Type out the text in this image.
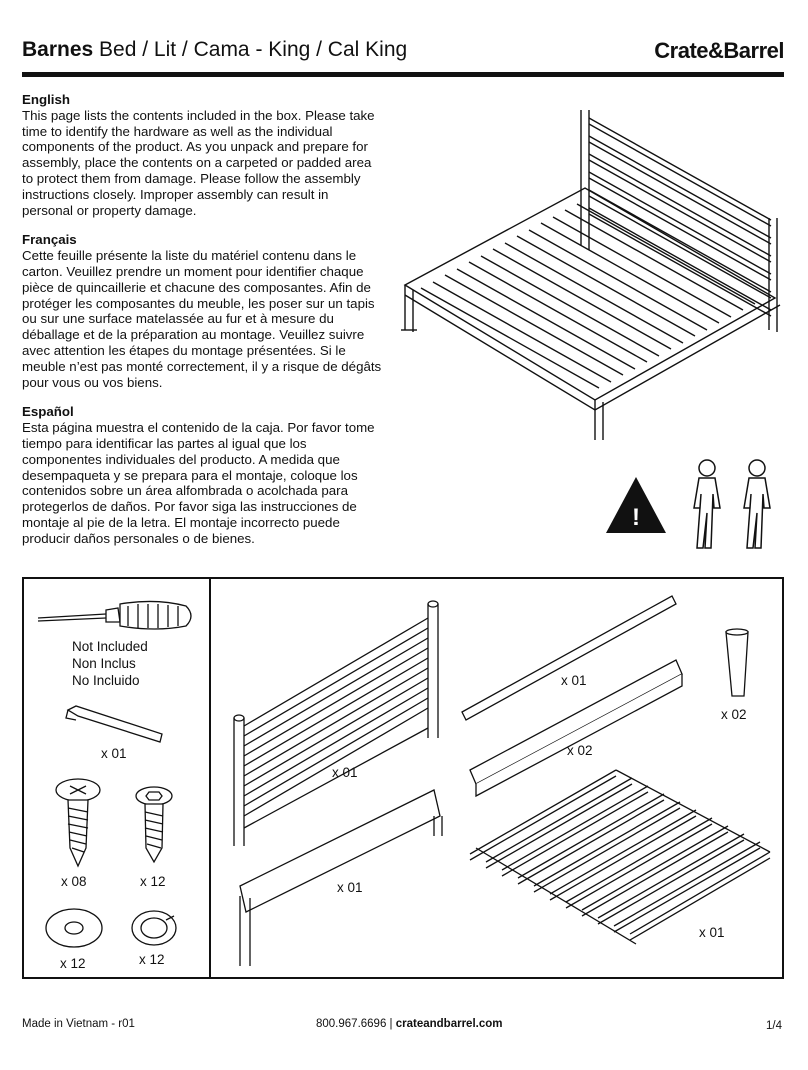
Barnes Bed / Lit / Cama - King / Cal King	Crate&Barrel
English

This page lists the contents included in the box. Please take time to identify the hardware as well as the individual components of the product. As you unpack and prepare for assembly, place the contents on a carpeted or padded area to protect them from damage. Please follow the assembly instructions closely. Improper assembly can result in personal or property damage.

Français

Cette feuille présente la liste du matériel contenu dans le carton. Veuillez prendre un moment pour identifier chaque pièce de quincaillerie et chacune des composantes. Afin de protéger les composantes du meuble, les poser sur un tapis ou sur une surface matelassée au fur et à mesure du déballage et de la préparation au montage. Veuillez suivre avec attention les étapes du montage présentées. Si le meuble n’est pas monté correctement, il y a risque de dégâts pour vous ou vos biens.

Español

Esta página muestra el contenido de la caja. Por favor tome tiempo para identificar las partes al igual que los componentes individuales del producto. A medida que desempaqueta y se prepara para el montaje, coloque los contenidos sobre un área alfombrada o acolchada para protegerlos de daños. Por favor siga las instrucciones de montaje al pie de la letra. El montaje incorrecto puede producir daños personales o de bienes.

!
Not Included
Non Inclus
No Incluido
x 01
x 08	x 12
x 12	x 12
x 01
x 01
x 01
x 02
x 02
x 01
Made in Vietnam - r01	800.967.6696 | crateandbarrel.com	1/4
